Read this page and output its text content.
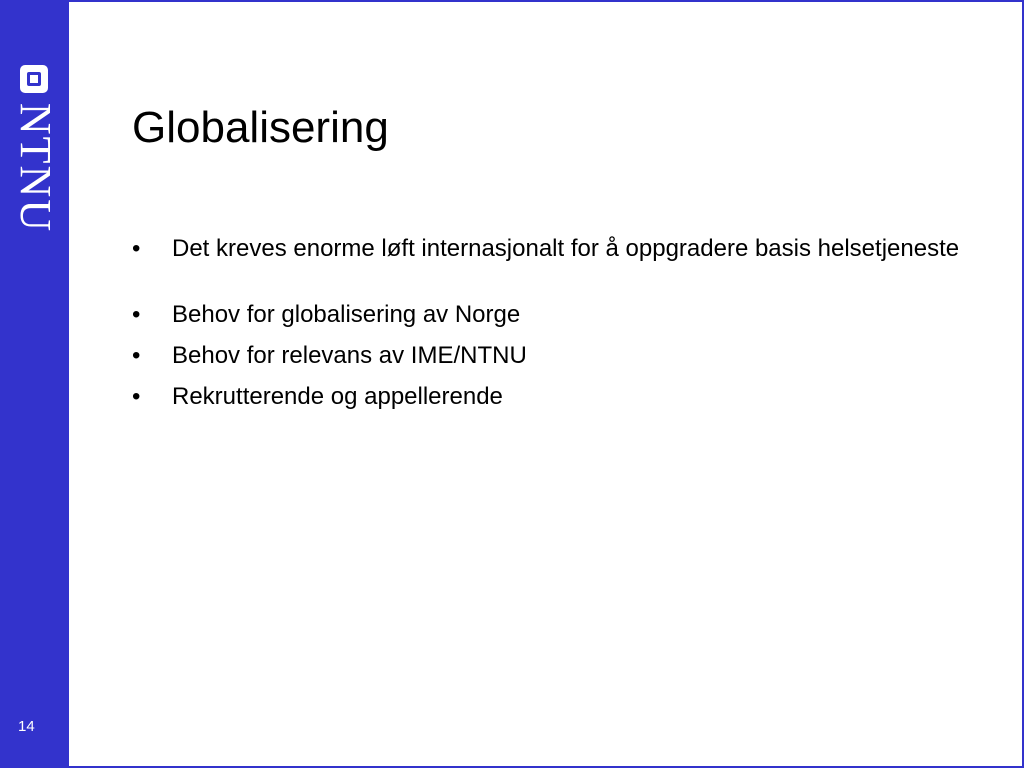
NTNU
14
Globalisering
• Det kreves enorme løft internasjonalt for å oppgradere basis helsetjeneste
• Behov for globalisering av Norge
• Behov for relevans av IME/NTNU
• Rekrutterende og appellerende
